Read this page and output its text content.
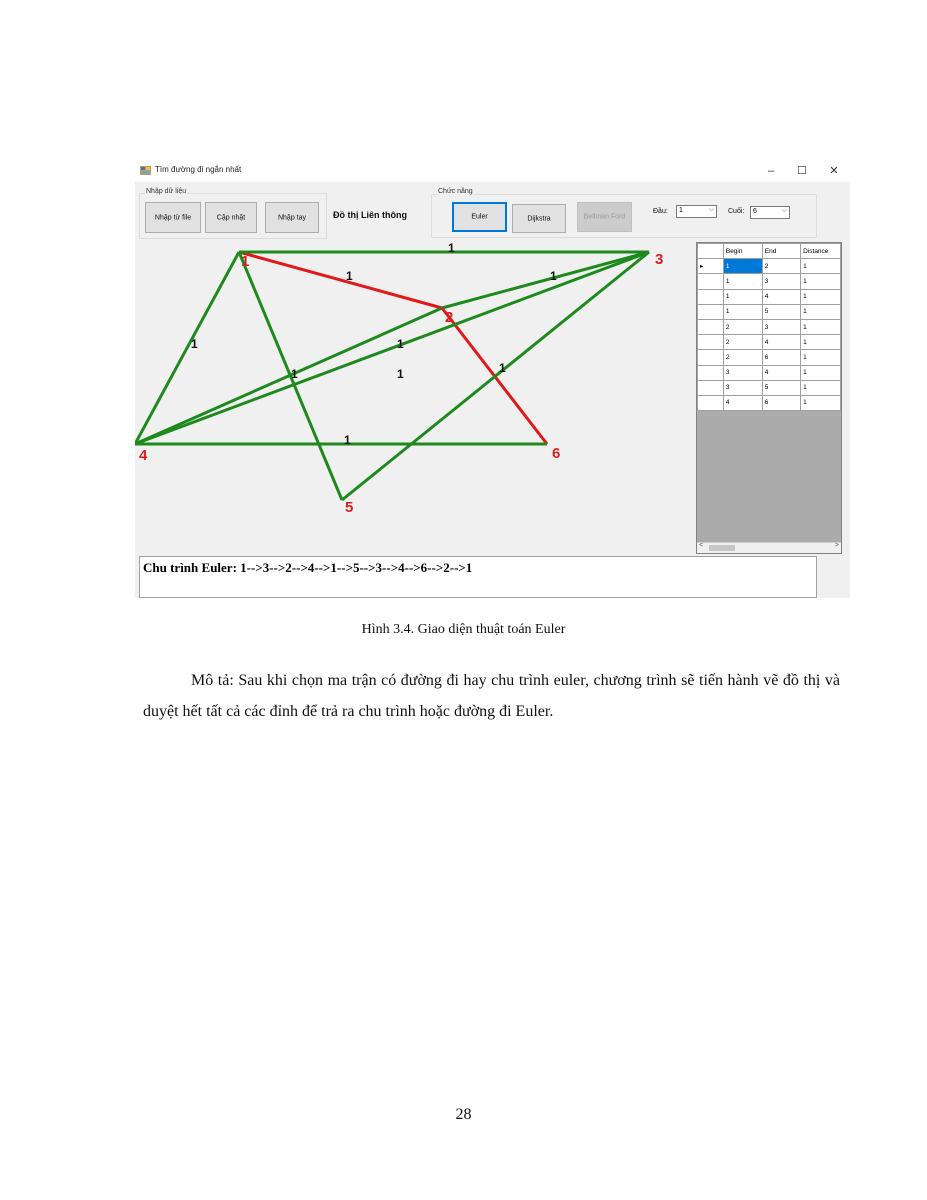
Tìm đường đi ngắn nhất	–	☐	✕
Nhập dữ liệu
Nhập từ file	Cập nhật	Nhập tay	Đồ thị Liên thông
Chức năng
Euler	Dijkstra	Bellman Ford
Đầu: 1	⌵ Cuối: 6	⌵
1
1
1
1
1
1
1
1
1
1
2
3
4
5
6
	Begin	End	Distance
▸	1	2	1
	1	3	1
	1	4	1
	1	5	1
	2	3	1
	2	4	1
	2	6	1
	3	4	1
	3	5	1
	4	6	1
<	>
Chu trình Euler: 1-->3-->2-->4-->1-->5-->3-->4-->6-->2-->1
Hình 3.4. Giao diện thuật toán Euler
Mô tả: Sau khi chọn ma trận có đường đi hay chu trình euler, chương trình sẽ tiến hành vẽ đồ thị và duyệt hết tất cả các đỉnh để trả ra chu trình hoặc đường đi Euler.
28
